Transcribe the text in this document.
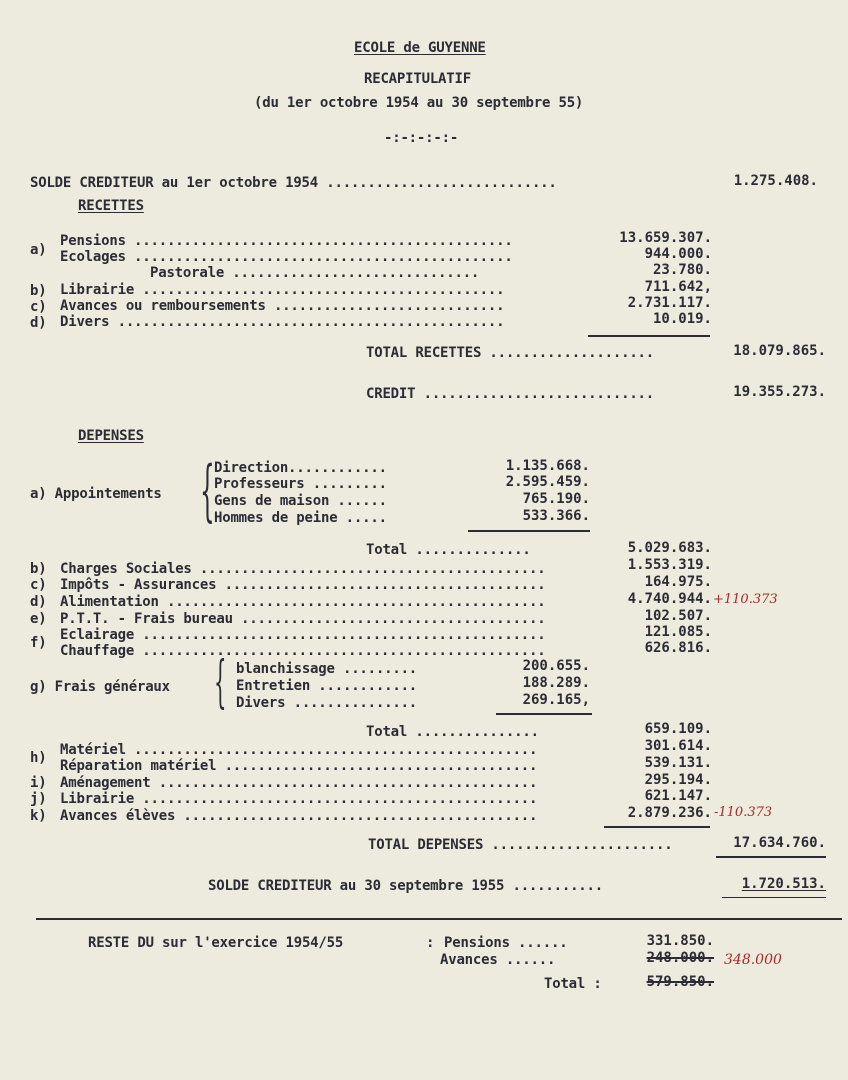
ECOLE de GUYENNE
RECAPITULATIF
(du 1er octobre 1954 au 30 septembre 55)
-:-:-:-:-
SOLDE CREDITEUR au 1er octobre 1954 ............................	1.275.408.
RECETTES
a)
Pensions ..............................................	13.659.307.
Ecolages ..............................................	944.000.
Pastorale ..............................	23.780.
b) Librairie ............................................	711.642,
c) Avances ou remboursements ............................	2.731.117.
d) Divers ...............................................	10.019.
TOTAL RECETTES ....................	18.079.865.
CREDIT ............................	19.355.273.
DEPENSES
a) Appointements { Direction............	1.135.668.
Professeurs .........	2.595.459.
Gens de maison ......	765.190.
Hommes de peine .....	533.366.
Total ..............	5.029.683.
b) Charges Sociales ..........................................	1.553.319.
c) Impôts - Assurances .......................................	164.975.
d) Alimentation ..............................................	4.740.944. +110.373
e) P.T.T. - Frais bureau .....................................	102.507.
f) Eclairage .................................................	121.085.
Chauffage .................................................	626.816.
g) Frais généraux { blanchissage .........	200.655.
Entretien ............	188.289.
Divers ...............	269.165,
Total ...............	659.109.
h) Matériel .................................................	301.614.
Réparation matériel ......................................	539.131.
i) Aménagement ..............................................	295.194.
j) Librairie ................................................	621.147.
k) Avances élèves ...........................................	2.879.236. -110.373
TOTAL DEPENSES ......................	17.634.760.
SOLDE CREDITEUR au 30 septembre 1955 ...........	1.720.513.
RESTE DU sur l'exercice 1954/55	: Pensions ......	331.850.
Avances ......	248.000. 348.000
Total :	579.850.
